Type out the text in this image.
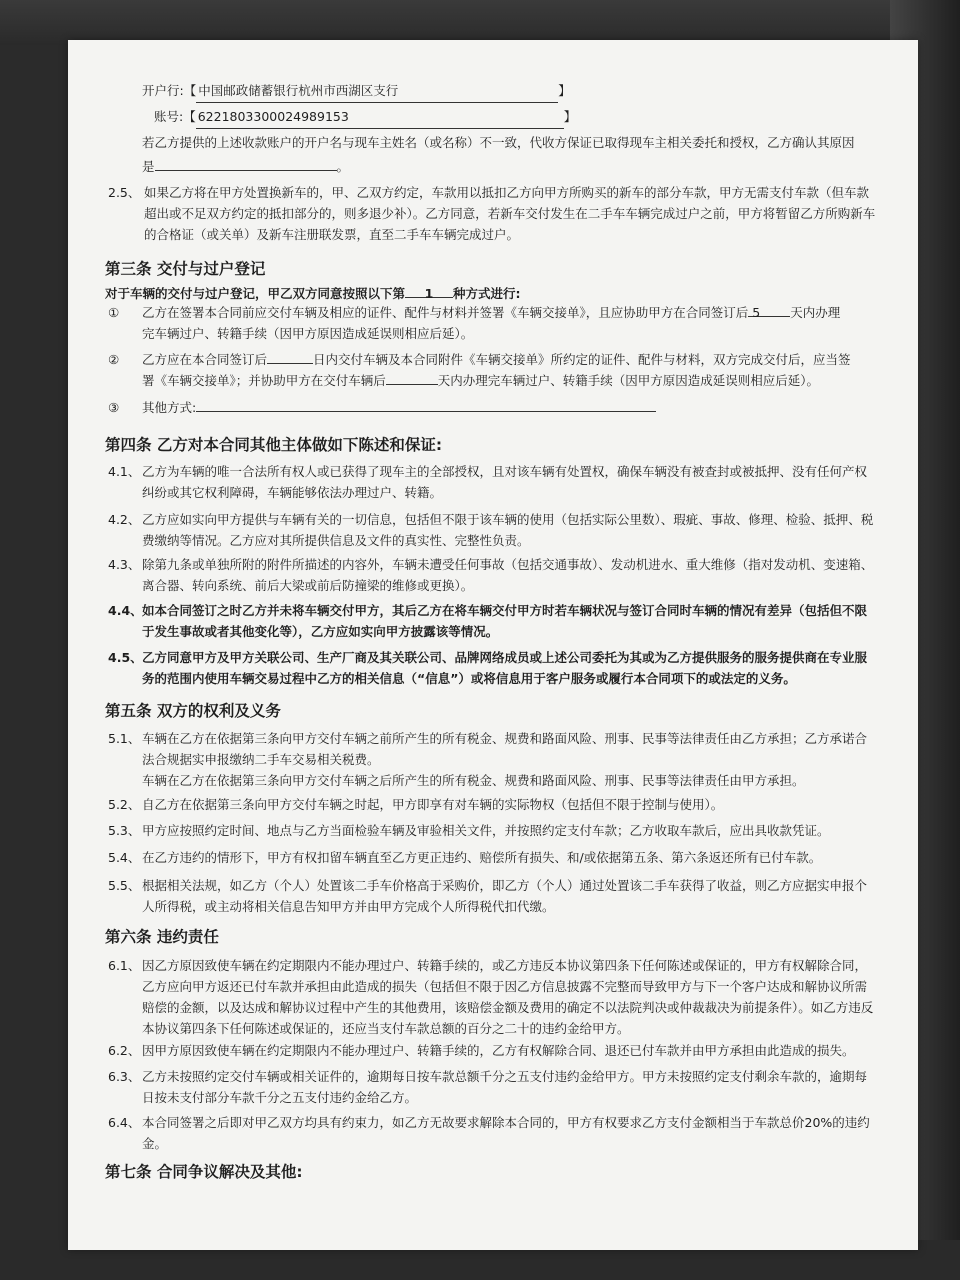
开户行:【 中国邮政储蓄银行杭州市西湖区支行	】
账号:【 6221803300024989153	】
若乙方提供的上述收款账户的开户名与现车主姓名（或名称）不一致，代收方保证已取得现车主相关委托和授权，乙方确认其原因
是	。
2.5、 如果乙方将在甲方处置换新车的，甲、乙双方约定，车款用以抵扣乙方向甲方所购买的新车的部分车款，甲方无需支付车款（但车款超出或不足双方约定的抵扣部分的，则多退少补）。乙方同意，若新车交付发生在二手车车辆完成过户之前，甲方将暂留乙方所购新车的合格证（或关单）及新车注册联发票，直至二手车车辆完成过户。
第三条 交付与过户登记
对于车辆的交付与过户登记，甲乙双方同意按照以下第 1 种方式进行:
① 乙方在签署本合同前应交付车辆及相应的证件、配件与材料并签署《车辆交接单》，且应协助甲方在合同签订后 5 天内办理
完车辆过户、转籍手续（因甲方原因造成延误则相应后延）。
② 乙方应在本合同签订后	日内交付车辆及本合同附件《车辆交接单》所约定的证件、配件与材料，双方完成交付后，应当签
署《车辆交接单》；并协助甲方在交付车辆后	天内办理完车辆过户、转籍手续（因甲方原因造成延误则相应后延）。
③ 其他方式:
第四条 乙方对本合同其他主体做如下陈述和保证:
4.1、 乙方为车辆的唯一合法所有权人或已获得了现车主的全部授权，且对该车辆有处置权，确保车辆没有被查封或被抵押、没有任何产权纠纷或其它权利障碍，车辆能够依法办理过户、转籍。
4.2、 乙方应如实向甲方提供与车辆有关的一切信息，包括但不限于该车辆的使用（包括实际公里数）、瑕疵、事故、修理、检验、抵押、税费缴纳等情况。乙方应对其所提供信息及文件的真实性、完整性负责。
4.3、 除第九条或单独所附的附件所描述的内容外，车辆未遭受任何事故（包括交通事故）、发动机进水、重大维修（指对发动机、变速箱、离合器、转向系统、前后大梁或前后防撞梁的维修或更换）。
4.4、 如本合同签订之时乙方并未将车辆交付甲方，其后乙方在将车辆交付甲方时若车辆状况与签订合同时车辆的情况有差异（包括但不限于发生事故或者其他变化等），乙方应如实向甲方披露该等情况。
4.5、 乙方同意甲方及甲方关联公司、生产厂商及其关联公司、品牌网络成员或上述公司委托为其或为乙方提供服务的服务提供商在专业服务的范围内使用车辆交易过程中乙方的相关信息（“信息”）或将信息用于客户服务或履行本合同项下的或法定的义务。
第五条 双方的权利及义务
5.1、 车辆在乙方在依据第三条向甲方交付车辆之前所产生的所有税金、规费和路面风险、刑事、民事等法律责任由乙方承担；乙方承诺合法合规据实申报缴纳二手车交易相关税费。
车辆在乙方在依据第三条向甲方交付车辆之后所产生的所有税金、规费和路面风险、刑事、民事等法律责任由甲方承担。
5.2、 自乙方在依据第三条向甲方交付车辆之时起，甲方即享有对车辆的实际物权（包括但不限于控制与使用）。
5.3、 甲方应按照约定时间、地点与乙方当面检验车辆及审验相关文件，并按照约定支付车款；乙方收取车款后，应出具收款凭证。
5.4、 在乙方违约的情形下，甲方有权扣留车辆直至乙方更正违约、赔偿所有损失、和/或依据第五条、第六条返还所有已付车款。
5.5、 根据相关法规，如乙方（个人）处置该二手车价格高于采购价，即乙方（个人）通过处置该二手车获得了收益，则乙方应据实申报个人所得税，或主动将相关信息告知甲方并由甲方完成个人所得税代扣代缴。
第六条 违约责任
6.1、 因乙方原因致使车辆在约定期限内不能办理过户、转籍手续的，或乙方违反本协议第四条下任何陈述或保证的，甲方有权解除合同，乙方应向甲方返还已付车款并承担由此造成的损失（包括但不限于因乙方信息披露不完整而导致甲方与下一个客户达成和解协议所需赔偿的金额，以及达成和解协议过程中产生的其他费用，该赔偿金额及费用的确定不以法院判决或仲裁裁决为前提条件）。如乙方违反本协议第四条下任何陈述或保证的，还应当支付车款总额的百分之二十的违约金给甲方。
6.2、 因甲方原因致使车辆在约定期限内不能办理过户、转籍手续的，乙方有权解除合同、退还已付车款并由甲方承担由此造成的损失。
6.3、 乙方未按照约定交付车辆或相关证件的，逾期每日按车款总额千分之五支付违约金给甲方。甲方未按照约定支付剩余车款的，逾期每日按未支付部分车款千分之五支付违约金给乙方。
6.4、 本合同签署之后即对甲乙双方均具有约束力，如乙方无故要求解除本合同的，甲方有权要求乙方支付金额相当于车款总价20%的违约金。
第七条 合同争议解决及其他:
